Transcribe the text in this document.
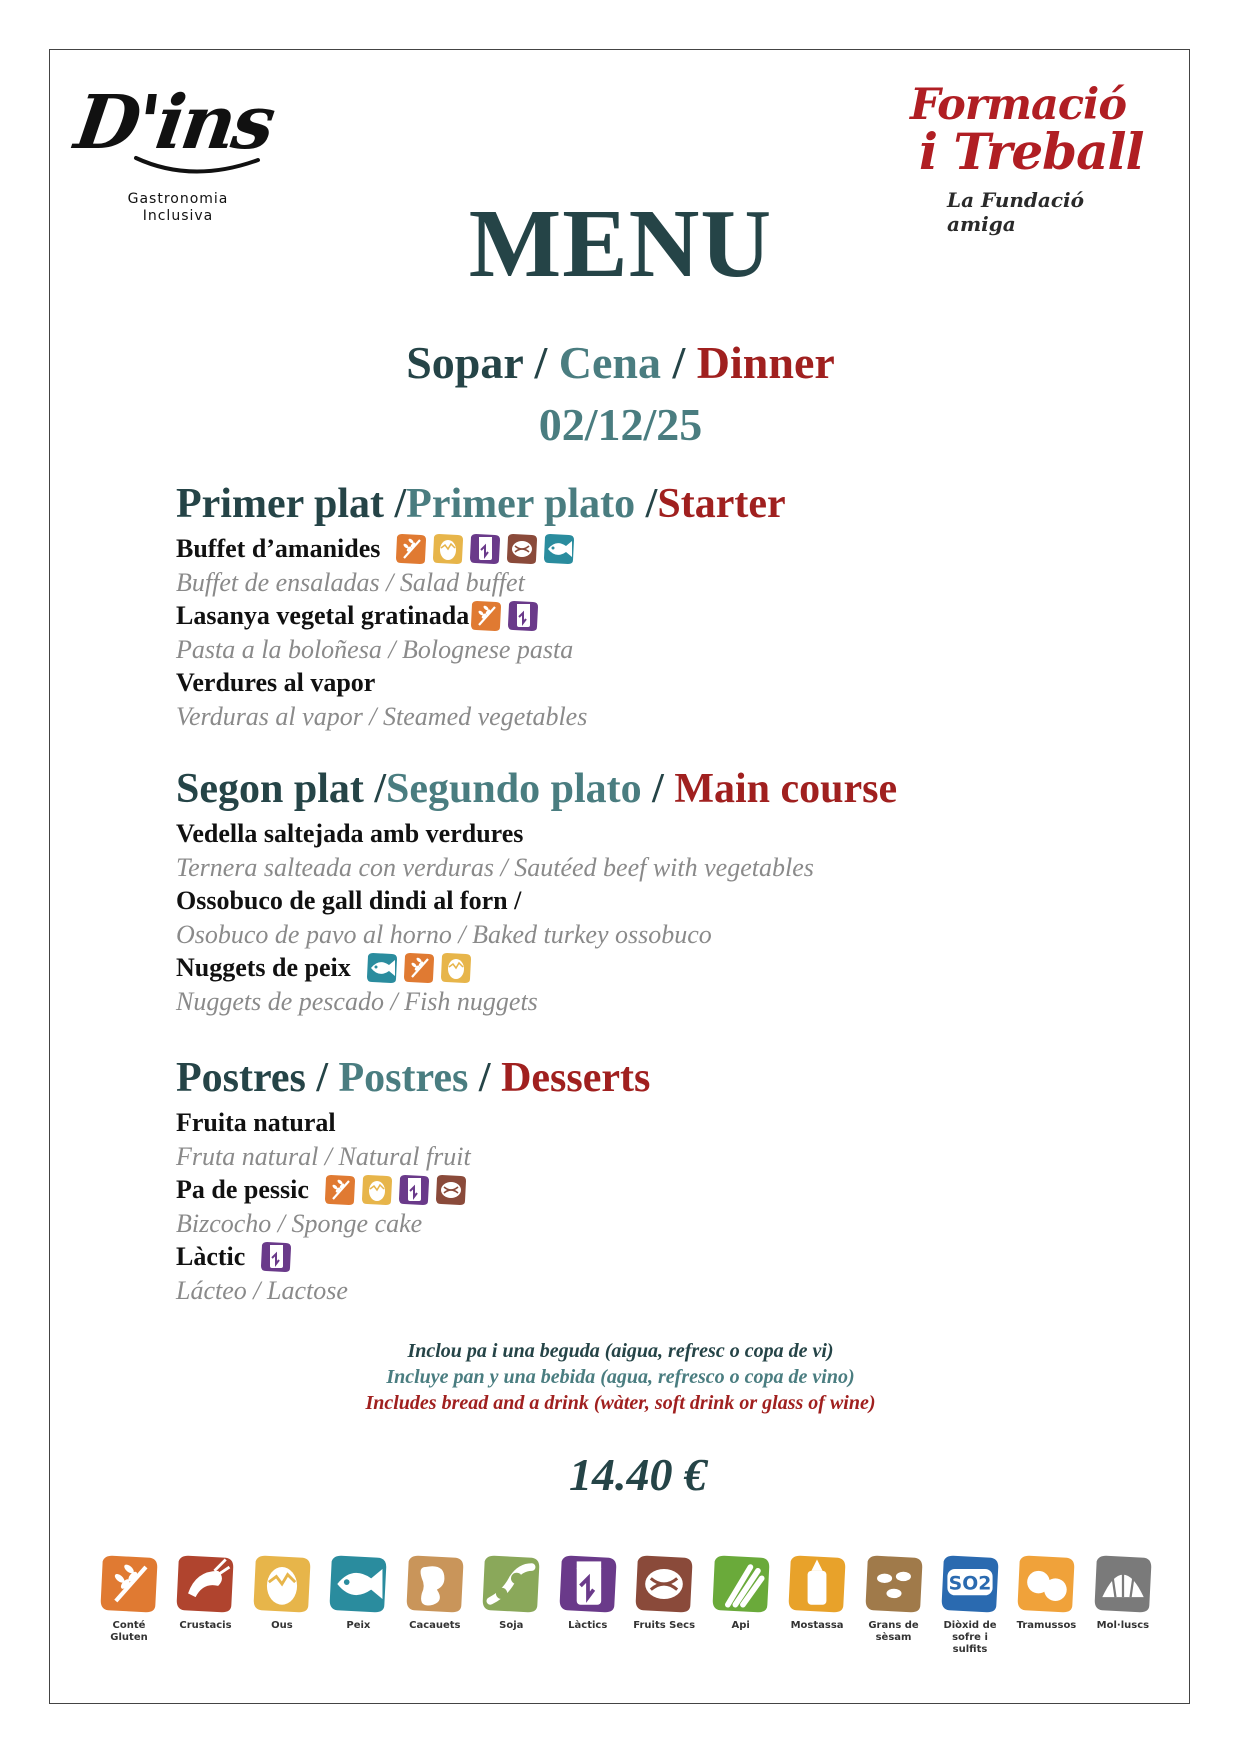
D'ins
Gastronomia
Inclusiva
Formació
i Treball
La Fundació amiga
MENU
Sopar / Cena / Dinner
02/12/25
Primer plat /Primer plato /Starter
Buffet d’amanides
Buffet de ensaladas / Salad buffet
Lasanya vegetal gratinada
Pasta a la boloñesa / Bolognese pasta
Verdures al vapor
Verduras al vapor / Steamed vegetables
Segon plat /Segundo plato / Main course
Vedella saltejada amb verdures
Ternera salteada con verduras / Sautéed beef with vegetables
Ossobuco de gall dindi al forn /
Osobuco de pavo al horno / Baked turkey ossobuco
Nuggets de peix
Nuggets de pescado / Fish nuggets
Postres / Postres / Desserts
Fruita natural
Fruta natural / Natural fruit
Pa de pessic
Bizcocho / Sponge cake
Làctic
Lácteo / Lactose
Inclou pa i una beguda (aigua, refresc o copa de vi)
Incluye pan y una bebida (agua, refresco o copa de vino)
Includes bread and a drink (wàter, soft drink or glass of wine)
14.40 €
Conté Gluten
Crustacis	Ous	Peix	Cacauets	Soja	Làctics	Fruits Secs	Api	Mostassa	Grans de sèsam
SO2
Diòxid de sofre i sulfits
Tramussos	Mol·luscs
